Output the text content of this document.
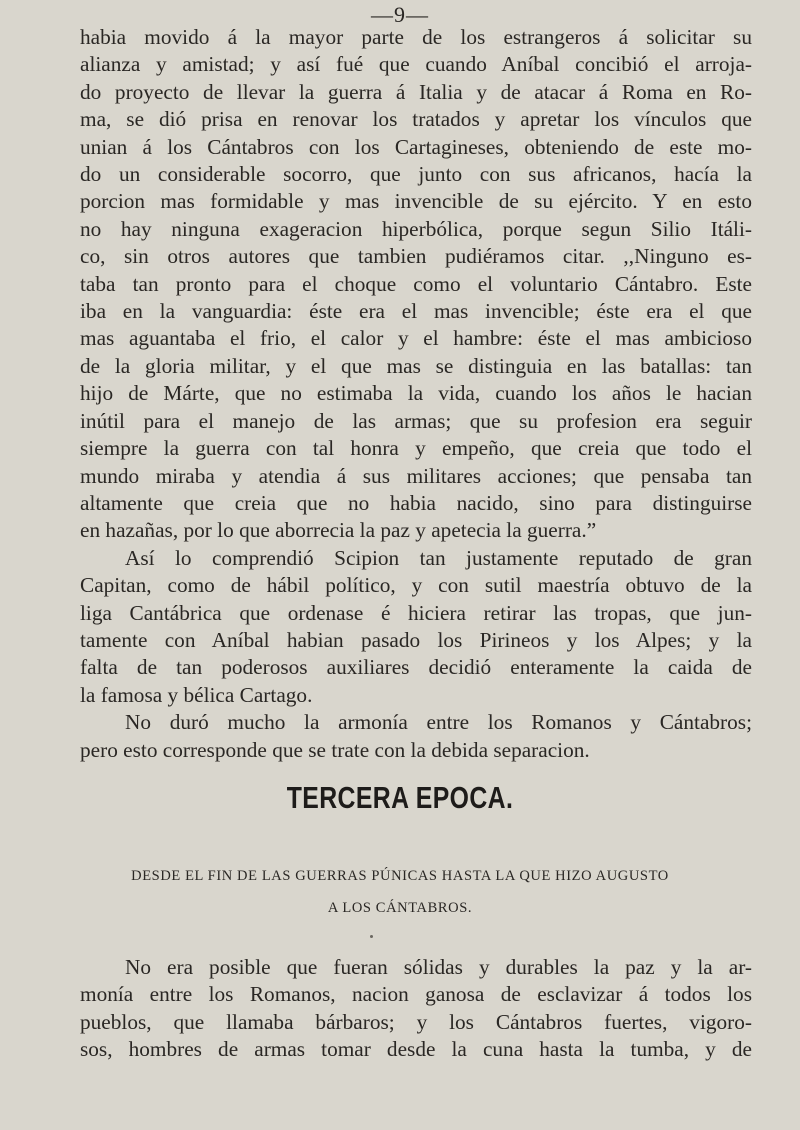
—9—
habia movido á la mayor parte de los estrangeros á solicitar su
alianza y amistad; y así fué que cuando Aníbal concibió el arroja-
do proyecto de llevar la guerra á Italia y de atacar á Roma en Ro-
ma, se dió prisa en renovar los tratados y apretar los vínculos que
unian á los Cántabros con los Cartagineses, obteniendo de este mo-
do un considerable socorro, que junto con sus africanos, hacía la
porcion mas formidable y mas invencible de su ejército. Y en esto
no hay ninguna exageracion hiperbólica, porque segun Silio Itáli-
co, sin otros autores que tambien pudiéramos citar. ,,Ninguno es-
taba tan pronto para el choque como el voluntario Cántabro. Este
iba en la vanguardia: éste era el mas invencible; éste era el que
mas aguantaba el frio, el calor y el hambre: éste el mas ambicioso
de la gloria militar, y el que mas se distinguia en las batallas: tan
hijo de Márte, que no estimaba la vida, cuando los años le hacian
inútil para el manejo de las armas; que su profesion era seguir
siempre la guerra con tal honra y empeño, que creia que todo el
mundo miraba y atendia á sus militares acciones; que pensaba tan
altamente que creia que no habia nacido, sino para distinguirse
en hazañas, por lo que aborrecia la paz y apetecia la guerra.”
Así lo comprendió Scipion tan justamente reputado de gran
Capitan, como de hábil político, y con sutil maestría obtuvo de la
liga Cantábrica que ordenase é hiciera retirar las tropas, que jun-
tamente con Aníbal habian pasado los Pirineos y los Alpes; y la
falta de tan poderosos auxiliares decidió enteramente la caida de
la famosa y bélica Cartago.
No duró mucho la armonía entre los Romanos y Cántabros;
pero esto corresponde que se trate con la debida separacion.
TERCERA EPOCA.
DESDE EL FIN DE LAS GUERRAS PÚNICAS HASTA LA QUE HIZO AUGUSTO
A LOS CÁNTABROS.
No era posible que fueran sólidas y durables la paz y la ar-
monía entre los Romanos, nacion ganosa de esclavizar á todos los
pueblos, que llamaba bárbaros; y los Cántabros fuertes, vigoro-
sos, hombres de armas tomar desde la cuna hasta la tumba, y de
